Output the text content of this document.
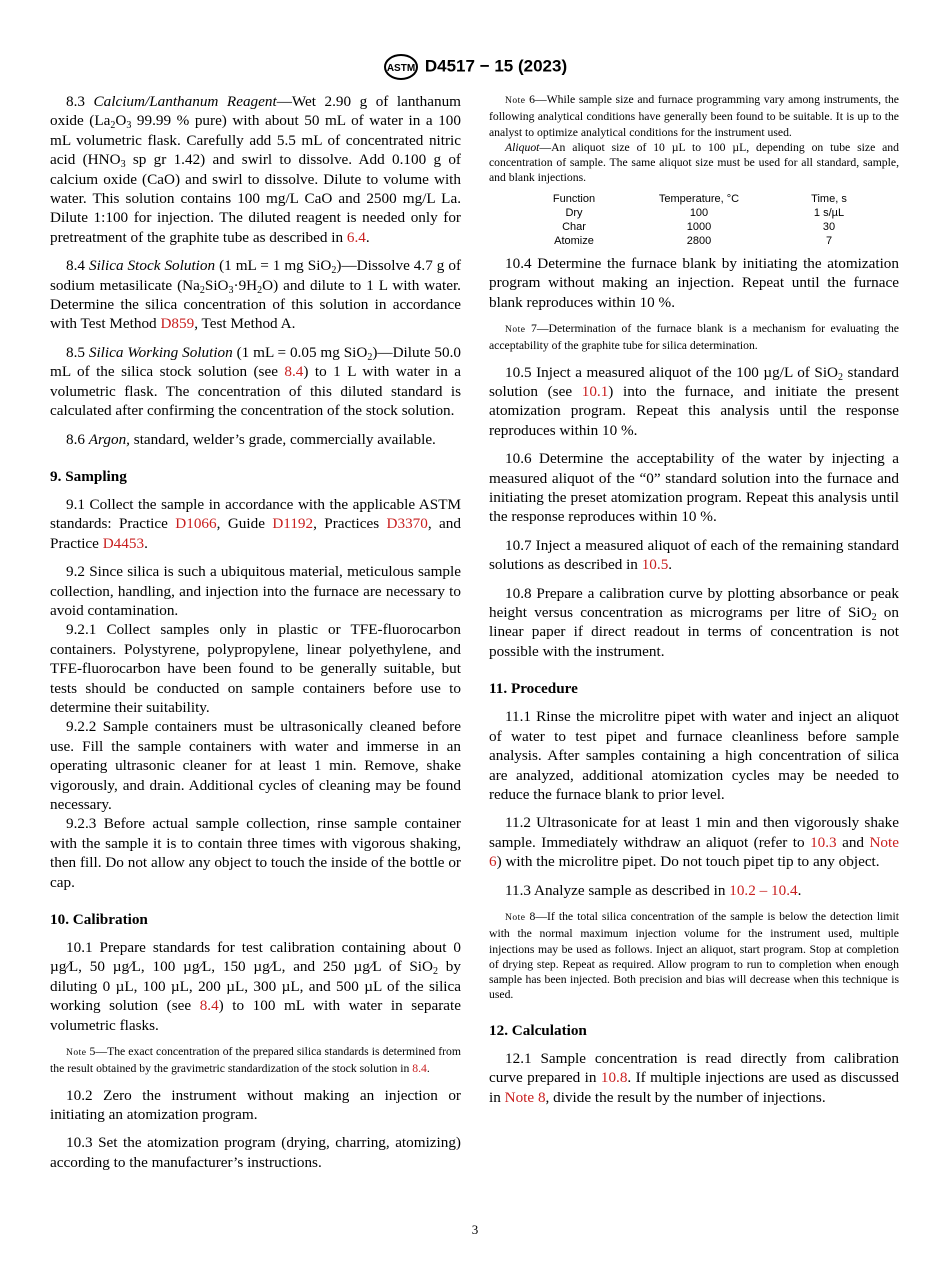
ASTM D4517 − 15 (2023)

8.3 Calcium/Lanthanum Reagent—Wet 2.90 g of lanthanum oxide ($La_2O_3$ 99.99 % pure) with about 50 mL of water in a 100 mL volumetric flask. Carefully add 5.5 mL of concentrated nitric acid ($HNO_3$ sp gr 1.42) and swirl to dissolve. Add 0.100 g of calcium oxide (CaO) and swirl to dissolve. Dilute to volume with water. This solution contains 100 mg/L CaO and 2500 mg/L La. Dilute 1:100 for injection. The diluted reagent is needed only for pretreatment of the graphite tube as described in 6.4.

8.4 Silica Stock Solution (1 mL = 1 mg SiO$_2$)—Dissolve 4.7 g of sodium metasilicate $(Na_2SiO_3\cdot 9H_2O)$ and dilute to 1 L with water. Determine the silica concentration of this solution in accordance with Test Method D859, Test Method A.

8.5 Silica Working Solution (1 mL = 0.05 mg SiO$_2$)—Dilute 50.0 mL of the silica stock solution (see 8.4) to 1 L with water in a volumetric flask. The concentration of this diluted standard is calculated after confirming the concentration of the stock solution.

8.6 Argon, standard, welder’s grade, commercially available.

9. Sampling

9.1 Collect the sample in accordance with the applicable ASTM standards: Practice D1066, Guide D1192, Practices D3370, and Practice D4453.

9.2 Since silica is such a ubiquitous material, meticulous sample collection, handling, and injection into the furnace are necessary to avoid contamination.

9.2.1 Collect samples only in plastic or TFE-fluorocarbon containers. Polystyrene, polypropylene, linear polyethylene, and TFE-fluorocarbon have been found to be generally suitable, but tests should be conducted on sample containers before use to determine their suitability.

9.2.2 Sample containers must be ultrasonically cleaned before use. Fill the sample containers with water and immerse in an operating ultrasonic cleaner for at least 1 min. Remove, shake vigorously, and drain. Additional cycles of cleaning may be found necessary.

9.2.3 Before actual sample collection, rinse sample container with the sample it is to contain three times with vigorous shaking, then fill. Do not allow any object to touch the inside of the bottle or cap.

10. Calibration

10.1 Prepare standards for test calibration containing about 0 µg⁄L, 50 µg⁄L, 100 µg⁄L, 150 µg⁄L, and 250 µg⁄L of SiO$_2$ by diluting 0 µL, 100 µL, 200 µL, 300 µL, and 500 µL of the silica working solution (see 8.4) to 100 mL with water in separate volumetric flasks.

Note 5—The exact concentration of the prepared silica standards is determined from the result obtained by the gravimetric standardization of the stock solution in 8.4.

10.2 Zero the instrument without making an injection or initiating an atomization program.

10.3 Set the atomization program (drying, charring, atomizing) according to the manufacturer’s instructions.

Note 6—While sample size and furnace programming vary among instruments, the following analytical conditions have generally been found to be suitable. It is up to the analyst to optimize analytical conditions for the instrument used.

Aliquot—An aliquot size of 10 µL to 100 µL, depending on tube size and concentration of sample. The same aliquot size must be used for all standard, sample, and blank injections.

Function	Temperature, °C	Time, s
Dry	100	1 s/µL
Char	1000	30
Atomize	2800	7

10.4 Determine the furnace blank by initiating the atomization program without making an injection. Repeat until the furnace blank reproduces within 10 %.

Note 7—Determination of the furnace blank is a mechanism for evaluating the acceptability of the graphite tube for silica determination.

10.5 Inject a measured aliquot of the 100 µg/L of SiO$_2$ standard solution (see 10.1) into the furnace, and initiate the present atomization program. Repeat this analysis until the response reproduces within 10 %.

10.6 Determine the acceptability of the water by injecting a measured aliquot of the “0” standard solution into the furnace and initiating the preset atomization program. Repeat this analysis until the response reproduces within 10 %.

10.7 Inject a measured aliquot of each of the remaining standard solutions as described in 10.5.

10.8 Prepare a calibration curve by plotting absorbance or peak height versus concentration as micrograms per litre of SiO$_2$ on linear paper if direct readout in terms of concentration is not possible with the instrument.

11. Procedure

11.1 Rinse the microlitre pipet with water and inject an aliquot of water to test pipet and furnace cleanliness before sample analysis. After samples containing a high concentration of silica are analyzed, additional atomization cycles may be needed to reduce the furnace blank to prior level.

11.2 Ultrasonicate for at least 1 min and then vigorously shake sample. Immediately withdraw an aliquot (refer to 10.3 and Note 6) with the microlitre pipet. Do not touch pipet tip to any object.

11.3 Analyze sample as described in 10.2 – 10.4.

Note 8—If the total silica concentration of the sample is below the detection limit with the normal maximum injection volume for the instrument used, multiple injections may be used as follows. Inject an aliquot, start program. Stop at completion of drying step. Repeat as required. Allow program to run to completion when enough sample has been injected. Both precision and bias will decrease when this technique is used.

12. Calculation

12.1 Sample concentration is read directly from calibration curve prepared in 10.8. If multiple injections are used as discussed in Note 8, divide the result by the number of injections.

3
